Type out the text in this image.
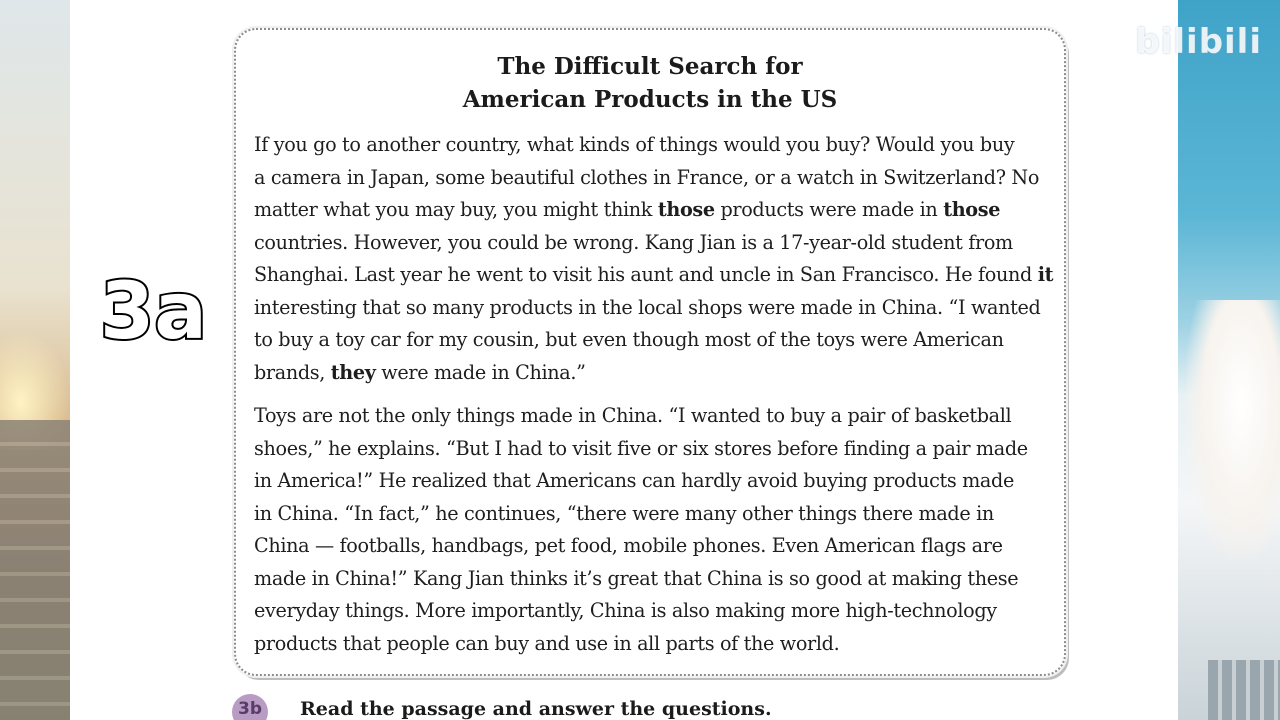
3a
The Difficult Search for
American Products in the US
If you go to another country, what kinds of things would you buy? Would you buy
a camera in Japan, some beautiful clothes in France, or a watch in Switzerland? No
matter what you may buy, you might think those products were made in those
countries. However, you could be wrong. Kang Jian is a 17-year-old student from
Shanghai. Last year he went to visit his aunt and uncle in San Francisco. He found it
interesting that so many products in the local shops were made in China. “I wanted
to buy a toy car for my cousin, but even though most of the toys were American
brands, they were made in China.”
Toys are not the only things made in China. “I wanted to buy a pair of basketball
shoes,” he explains. “But I had to visit five or six stores before finding a pair made
in America!” He realized that Americans can hardly avoid buying products made
in China. “In fact,” he continues, “there were many other things there made in
China — footballs, handbags, pet food, mobile phones. Even American flags are
made in China!” Kang Jian thinks it’s great that China is so good at making these
everyday things. More importantly, China is also making more high-technology
products that people can buy and use in all parts of the world.
3b	Read the passage and answer the questions.
bilibili
